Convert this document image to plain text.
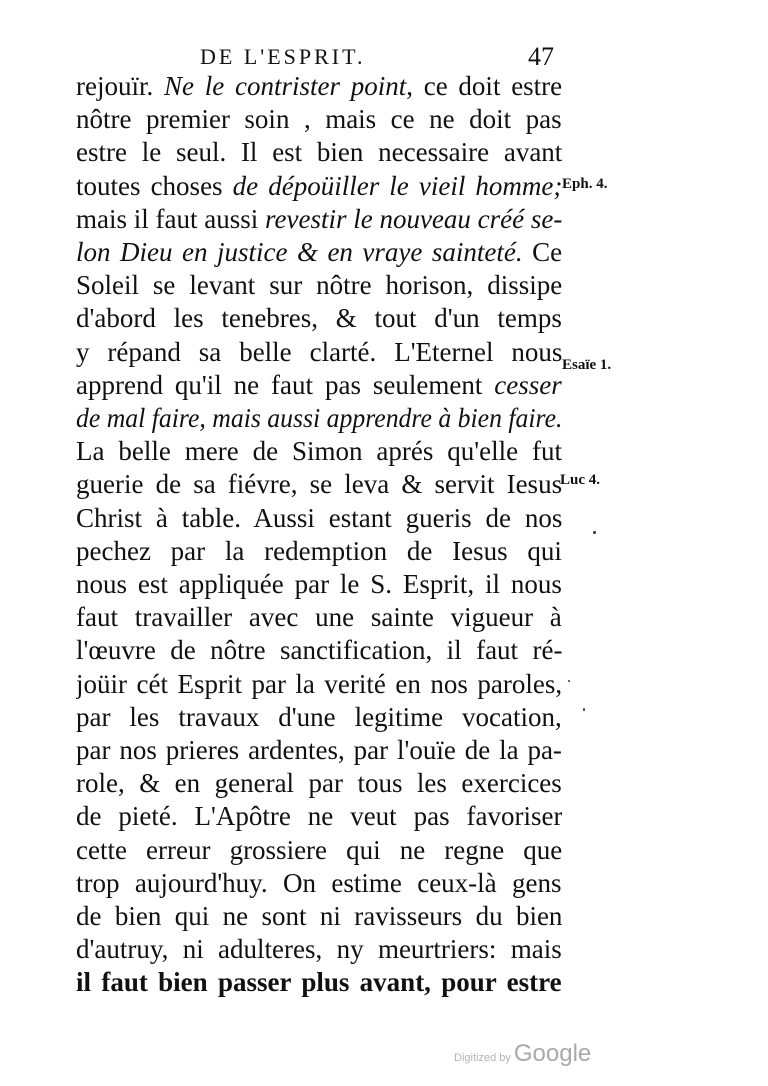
DE L'ESPRIT.	47
rejouïr. Ne le contrister point, ce doit estre
nôtre premier soin , mais ce ne doit pas
estre le seul. Il est bien necessaire avant
toutes choses de dépoüiller le vieil homme;
mais il faut aussi revestir le nouveau créé se-
lon Dieu en justice & en vraye sainteté. Ce
Soleil se levant sur nôtre horison, dissipe
d'abord les tenebres, & tout d'un temps
y répand sa belle clarté. L'Eternel nous
apprend qu'il ne faut pas seulement cesser
de mal faire, mais aussi apprendre à bien faire.
La belle mere de Simon aprés qu'elle fut
guerie de sa fiévre, se leva & servit Iesus
Christ à table. Aussi estant gueris de nos
pechez par la redemption de Iesus qui
nous est appliquée par le S. Esprit, il nous
faut travailler avec une sainte vigueur à
l'œuvre de nôtre sanctification, il faut ré-
joüir cét Esprit par la verité en nos paroles,
par les travaux d'une legitime vocation,
par nos prieres ardentes, par l'ouïe de la pa-
role, & en general par tous les exercices
de pieté. L'Apôtre ne veut pas favoriser
cette erreur grossiere qui ne regne que
trop aujourd'huy. On estime ceux-là gens
de bien qui ne sont ni ravisseurs du bien
d'autruy, ni adulteres, ny meurtriers: mais
il faut bien passer plus avant, pour estre
Eph. 4.
Esaïe 1.
Luc 4.
Digitized by Google
